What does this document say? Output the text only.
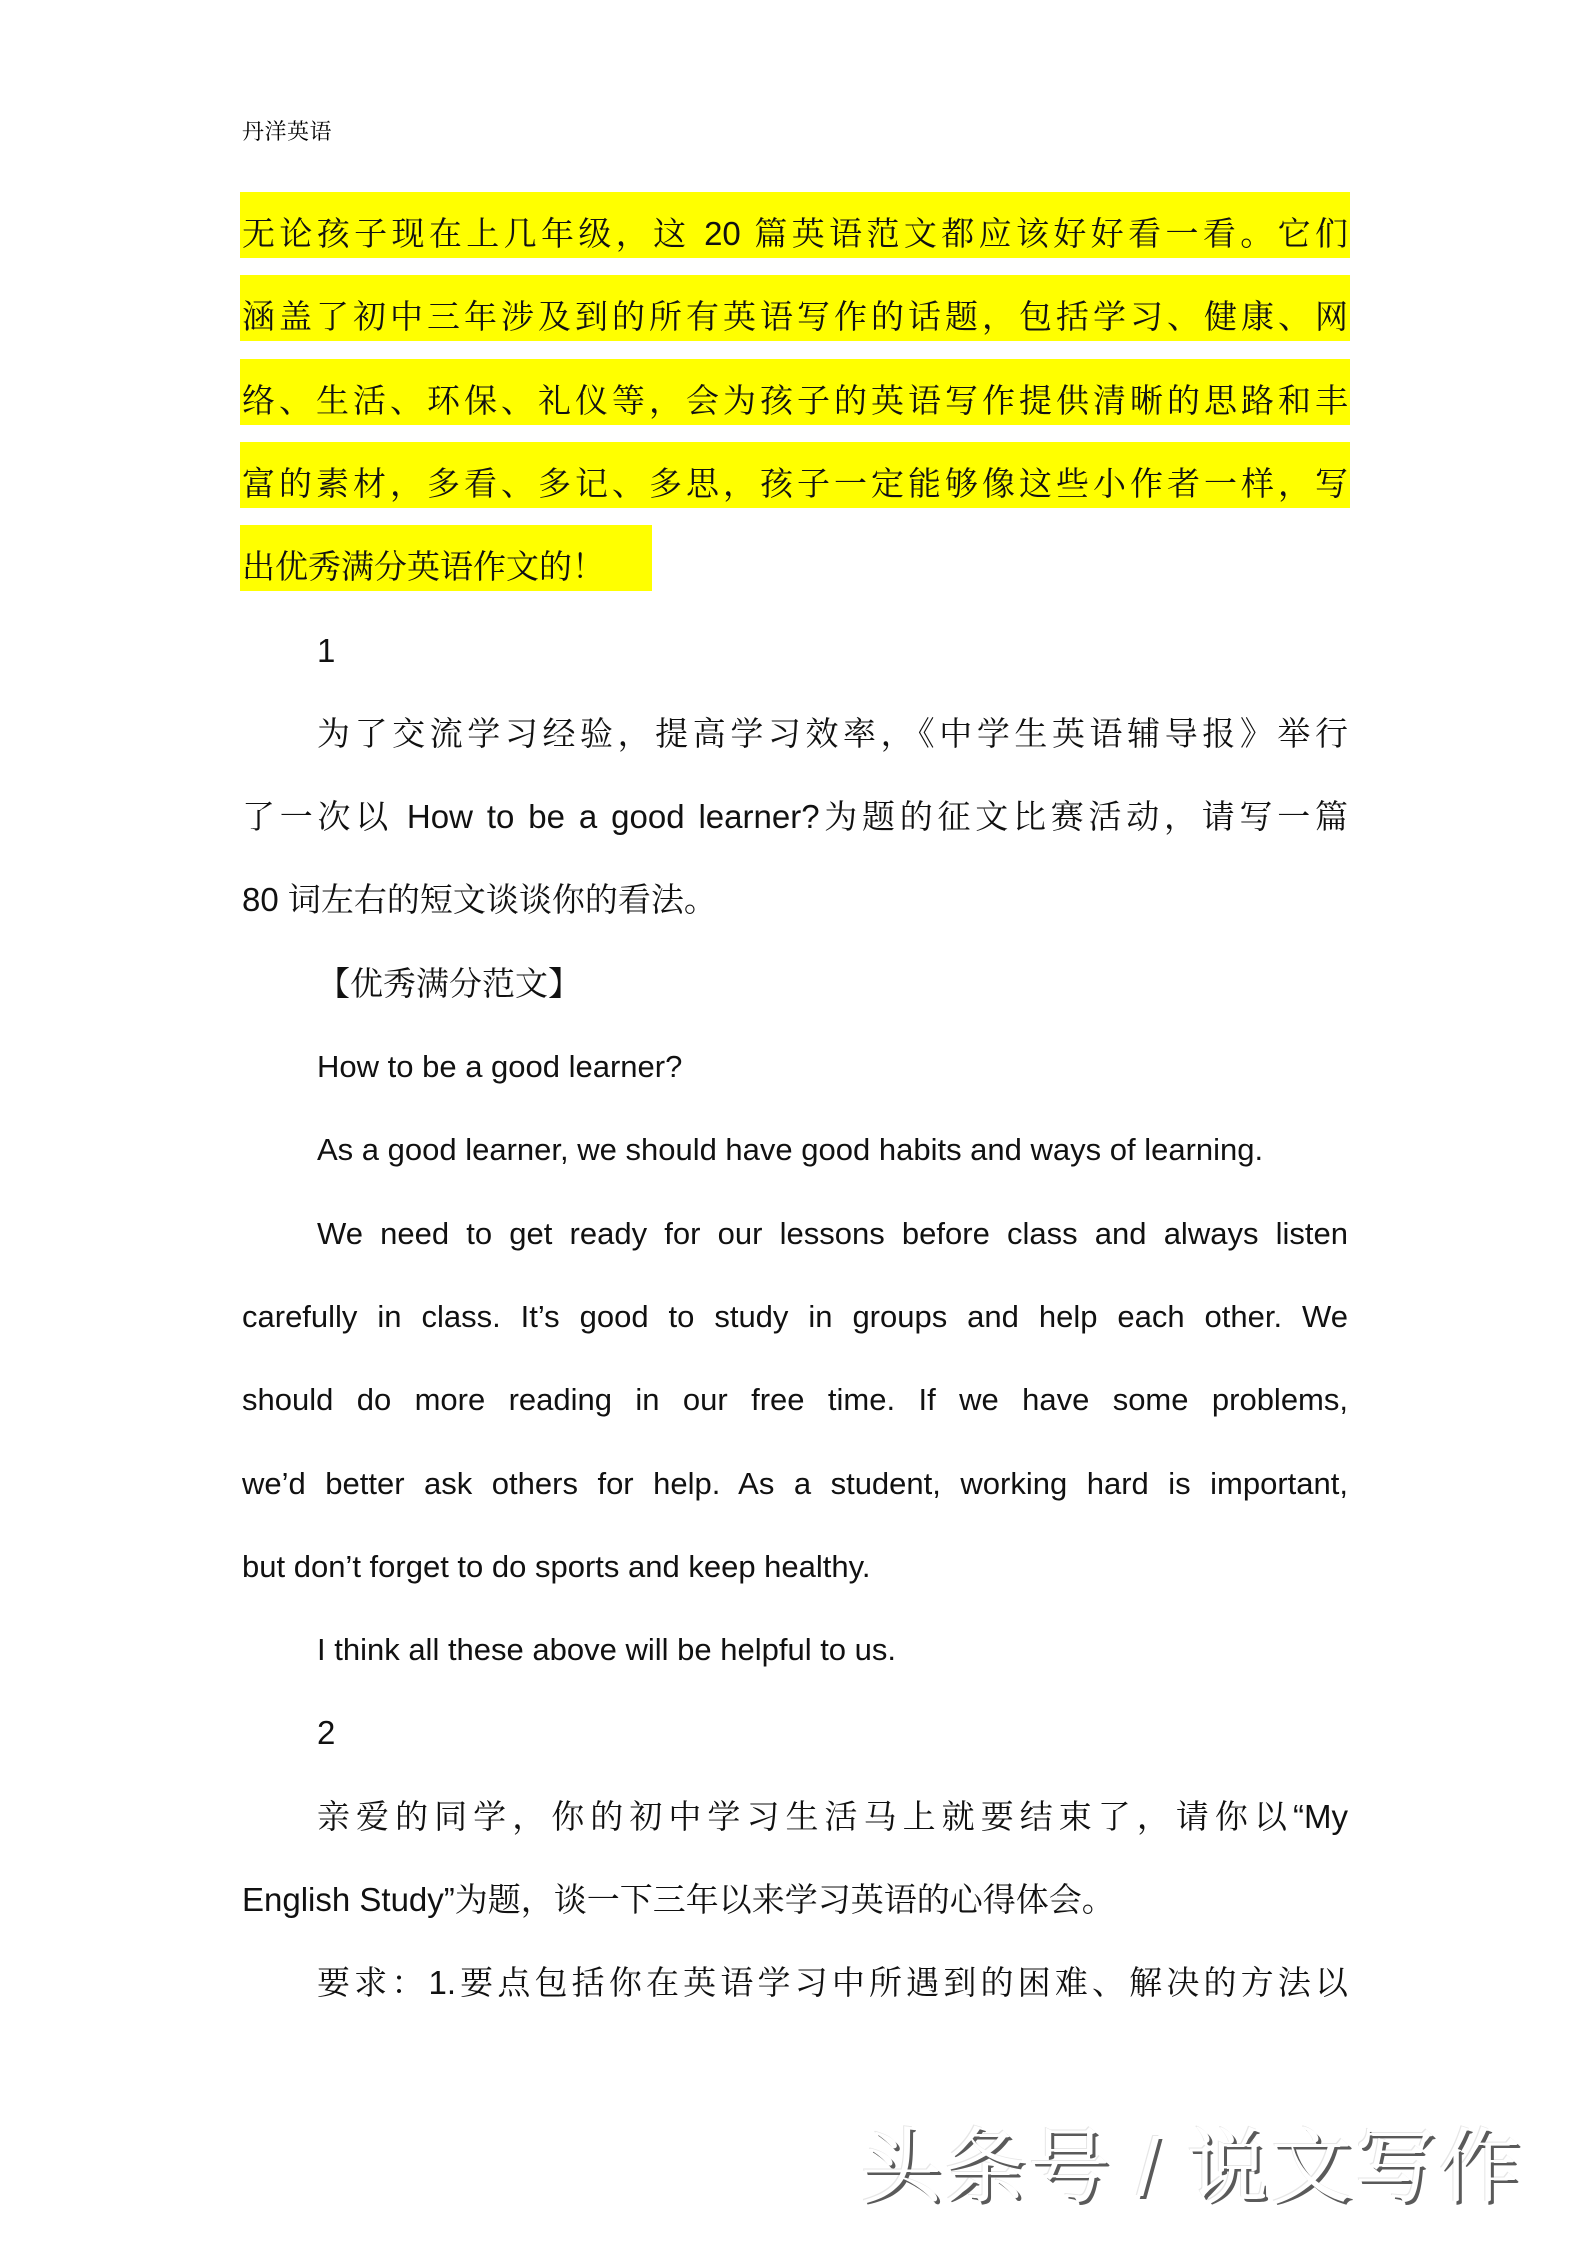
丹洋英语
无论孩子现在上几年级，这 20 篇英语范文都应该好好看一看。它们
涵盖了初中三年涉及到的所有英语写作的话题，包括学习、健康、网
络、生活、环保、礼仪等，会为孩子的英语写作提供清晰的思路和丰
富的素材，多看、多记、多思，孩子一定能够像这些小作者一样，写
出优秀满分英语作文的！
1
为了交流学习经验，提高学习效率，《中学生英语辅导报》举行
了一次以 How to be a good learner?为题的征文比赛活动，请写一篇
80 词左右的短文谈谈你的看法。
【优秀满分范文】
How to be a good learner?
As a good learner, we should have good habits and ways of learning.
We need to get ready for our lessons before class and always listen
carefully in class. It’s good to study in groups and help each other. We
should do more reading in our free time. If we have some problems,
we’d better ask others for help. As a student, working hard is important,
but don’t forget to do sports and keep healthy.
I think all these above will be helpful to us.
2
亲爱的同学，你的初中学习生活马上就要结束了，请你以“My
English Study”为题，谈一下三年以来学习英语的心得体会。
要求：1.要点包括你在英语学习中所遇到的困难、解决的方法以
头条号 / 说文写作
